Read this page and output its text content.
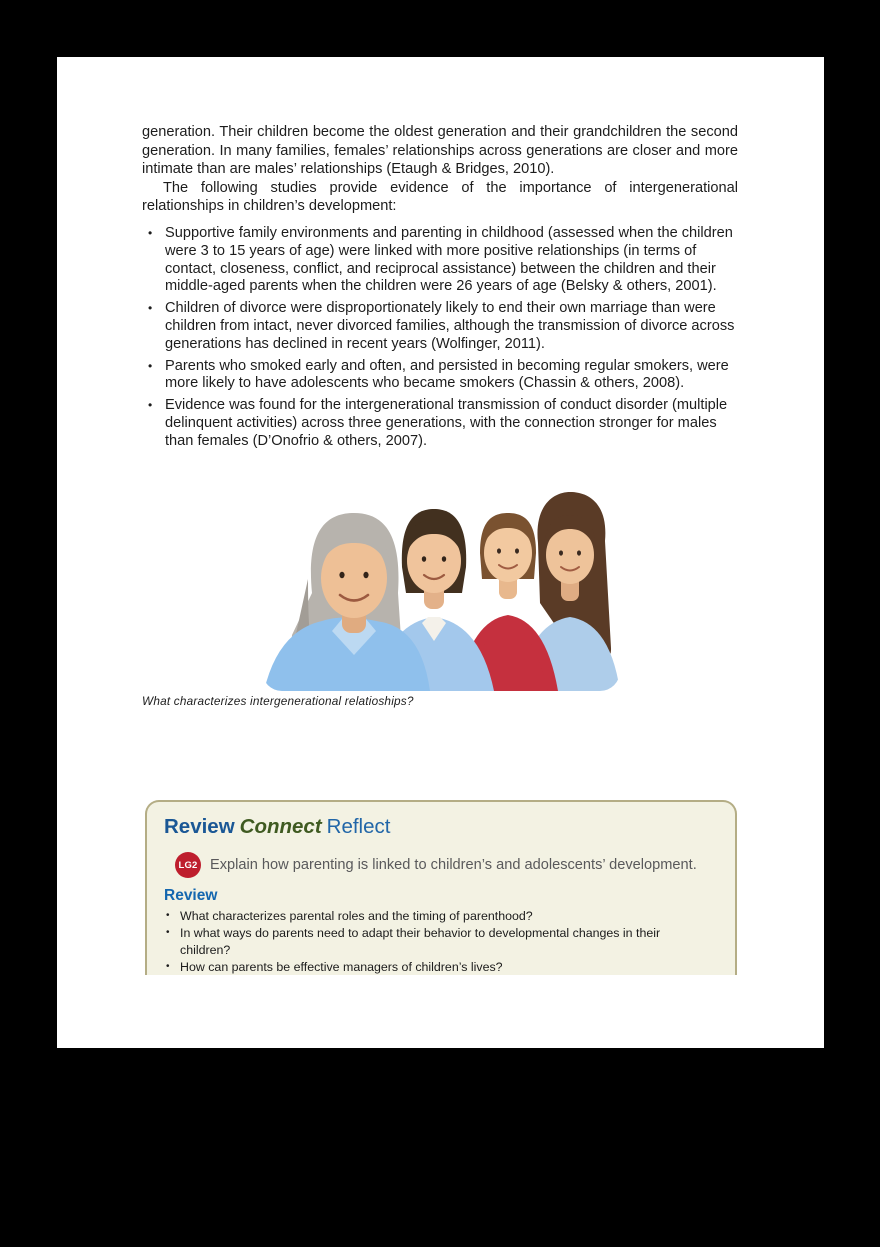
generation. Their children become the oldest generation and their grandchildren the second generation. In many families, females’ relationships across generations are closer and more intimate than are males’ relationships (Etaugh & Bridges, 2010).

The following studies provide evidence of the importance of intergenerational relationships in children’s development:

• Supportive family environments and parenting in childhood (assessed when the children were 3 to 15 years of age) were linked with more positive relationships (in terms of contact, closeness, conflict, and reciprocal assistance) between the children and their middle-aged parents when the children were 26 years of age (Belsky & others, 2001).
• Children of divorce were disproportionately likely to end their own marriage than were children from intact, never divorced families, although the transmission of divorce across generations has declined in recent years (Wolfinger, 2011).
• Parents who smoked early and often, and persisted in becoming regular smokers, were more likely to have adolescents who became smokers (Chassin & others, 2008).
• Evidence was found for the intergenerational transmission of conduct disorder (multiple delinquent activities) across three generations, with the connection stronger for males than females (D’Onofrio & others, 2007).

What characterizes intergenerational relatioships?

Review Connect Reflect
LG2 Explain how parenting is linked to children’s and adolescents’ development.
Review
• What characterizes parental roles and the timing of parenthood?
• In what ways do parents need to adapt their behavior to developmental changes in their children?
• How can parents be effective managers of children’s lives?
